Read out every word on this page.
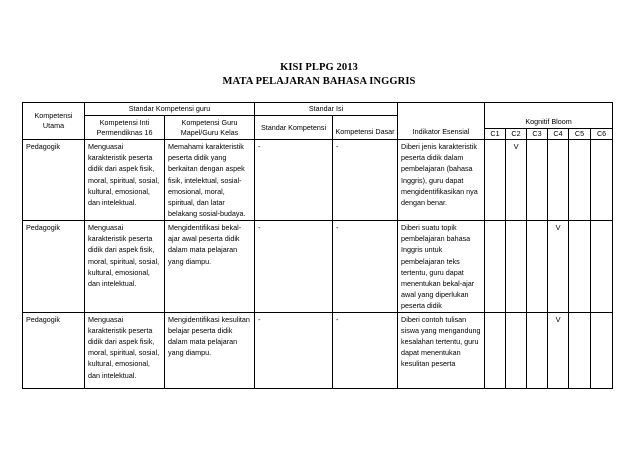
KISI PLPG 2013
MATA PELAJARAN BAHASA INGGRIS
Kompetensi Utama	Standar Kompetensi guru		Standar Isi		Indikator Esensial						
	Kompetensi Inti Permendiknas 16	Kompetensi Guru Mapel/Guru Kelas	Standar Kompetensi	Kompetensi Dasar		Kognitif Bloom					
						C1	C2	C3	C4	C5	C6
Pedagogik	Menguasai karakteristik peserta didik dari aspek fisik, moral, spiritual, sosial, kultural, emosional, dan intelektual.	Memahami karakteristik peserta didik yang berkaitan dengan aspek fisik, intelektual, sosial-emosional, moral, spiritual, dan latar belakang sosial-budaya.	-	-	Diberi jenis karakteristik peserta didik dalam pembelajaran (bahasa Inggris), guru dapat mengidentifikasikan nya dengan benar.		V				
Pedagogik	Menguasai karakteristik peserta didik dari aspek fisik, moral, spiritual, sosial, kultural, emosional, dan intelektual.	Mengidentifikasi bekal-ajar awal peserta didik dalam mata pelajaran yang diampu.	-	-	Diberi suatu topik pembelajaran bahasa Inggris untuk pembelajaran teks tertentu, guru dapat menentukan bekal-ajar awal yang diperlukan peserta didik				V		
Pedagogik	Menguasai karakteristik peserta didik dari aspek fisik, moral, spiritual, sosial, kultural, emosional, dan intelektual.	Mengidentifikasi kesulitan belajar peserta didik dalam mata pelajaran yang diampu.	-	-	Diberi contoh tulisan siswa yang mengandung kesalahan tertentu, guru dapat menentukan kesulitan peserta				V		
